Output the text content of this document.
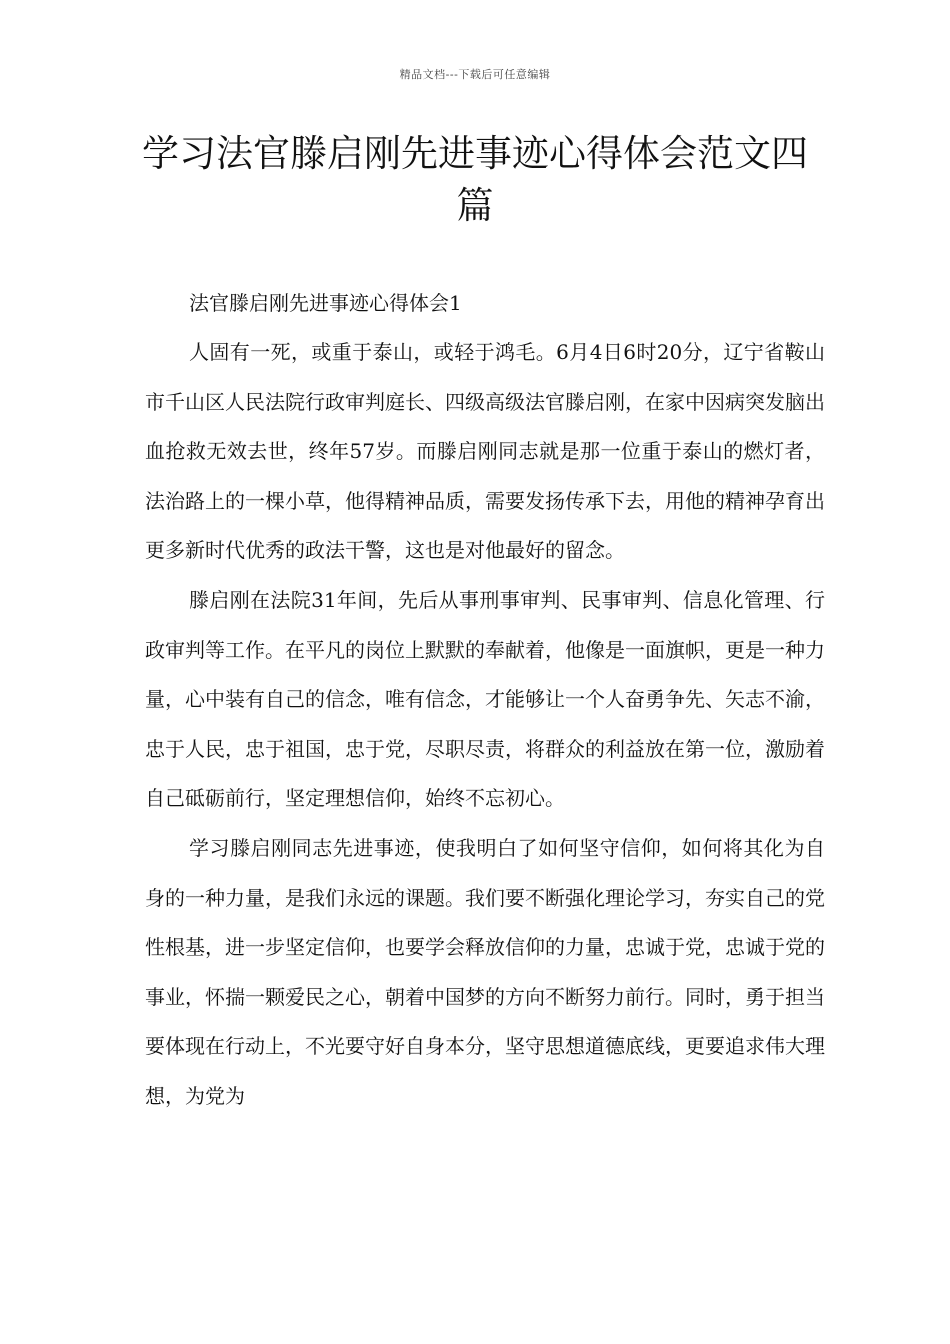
精品文档---下载后可任意编辑
学习法官滕启刚先进事迹心得体会范文四篇

法官滕启刚先进事迹心得体会1

人固有一死，或重于泰山，或轻于鸿毛。6月4日6时20分，辽宁省鞍山市千山区人民法院行政审判庭长、四级高级法官滕启刚，在家中因病突发脑出血抢救无效去世，终年57岁。而滕启刚同志就是那一位重于泰山的燃灯者，法治路上的一棵小草，他得精神品质，需要发扬传承下去，用他的精神孕育出更多新时代优秀的政法干警，这也是对他最好的留念。

滕启刚在法院31年间，先后从事刑事审判、民事审判、信息化管理、行政审判等工作。在平凡的岗位上默默的奉献着，他像是一面旗帜，更是一种力量，心中装有自己的信念，唯有信念，才能够让一个人奋勇争先、矢志不渝，忠于人民，忠于祖国，忠于党，尽职尽责，将群众的利益放在第一位，激励着自己砥砺前行，坚定理想信仰，始终不忘初心。

学习滕启刚同志先进事迹，使我明白了如何坚守信仰，如何将其化为自身的一种力量，是我们永远的课题。我们要不断强化理论学习，夯实自己的党性根基，进一步坚定信仰，也要学会释放信仰的力量，忠诚于党，忠诚于党的事业，怀揣一颗爱民之心，朝着中国梦的方向不断努力前行。同时，勇于担当要体现在行动上，不光要守好自身本分，坚守思想道德底线，更要追求伟大理想，为党为
